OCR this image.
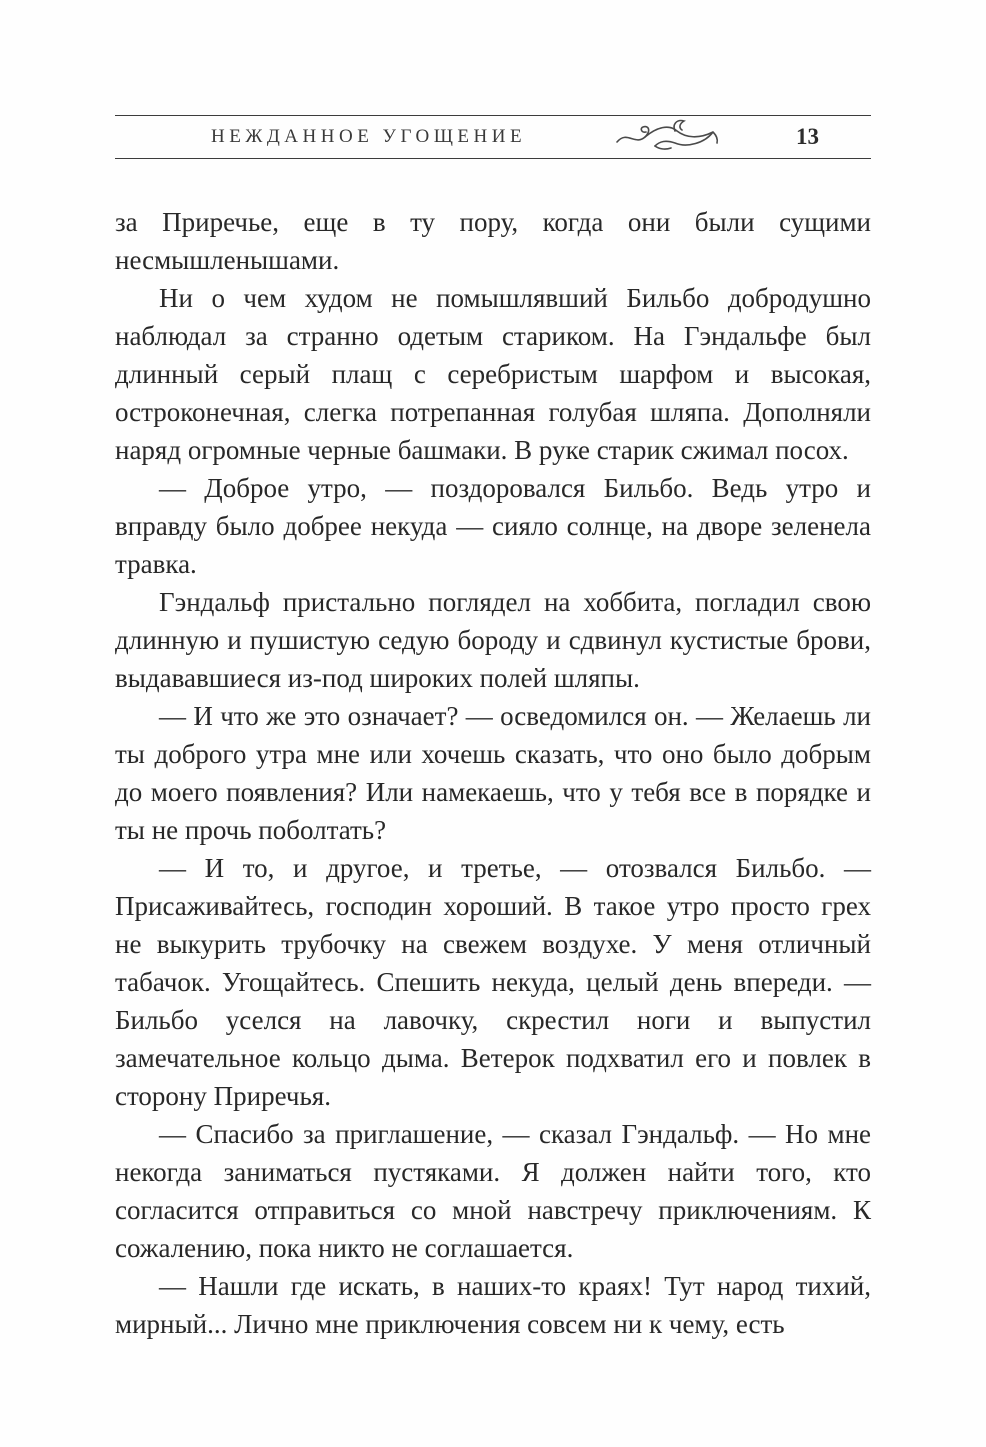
НЕЖДАННОЕ УГОЩЕНИЕ	13

за Приречье, еще в ту пору, когда они были сущими несмышленышами.

Ни о чем худом не помышлявший Бильбо добродушно наблюдал за странно одетым стариком. На Гэндальфе был длинный серый плащ с серебристым шарфом и высокая, остроконечная, слегка потрепанная голубая шляпа. Дополняли наряд огромные черные башмаки. В руке старик сжимал посох.

— Доброе утро, — поздоровался Бильбо. Ведь утро и вправду было добрее некуда — сияло солнце, на дворе зеленела травка.

Гэндальф пристально поглядел на хоббита, погладил свою длинную и пушистую седую бороду и сдвинул кустистые брови, выдававшиеся из-под широких полей шляпы.

— И что же это означает? — осведомился он. — Желаешь ли ты доброго утра мне или хочешь сказать, что оно было добрым до моего появления? Или намекаешь, что у тебя все в порядке и ты не прочь поболтать?

— И то, и другое, и третье, — отозвался Бильбо. — Присаживайтесь, господин хороший. В такое утро просто грех не выкурить трубочку на свежем воздухе. У меня отличный табачок. Угощайтесь. Спешить некуда, целый день впереди. — Бильбо уселся на лавочку, скрестил ноги и выпустил замечательное кольцо дыма. Ветерок подхватил его и повлек в сторону Приречья.

— Спасибо за приглашение, — сказал Гэндальф. — Но мне некогда заниматься пустяками. Я должен найти того, кто согласится отправиться со мной навстречу приключениям. К сожалению, пока никто не соглашается.

— Нашли где искать, в наших-то краях! Тут народ тихий, мирный... Лично мне приключения совсем ни к чему, есть
